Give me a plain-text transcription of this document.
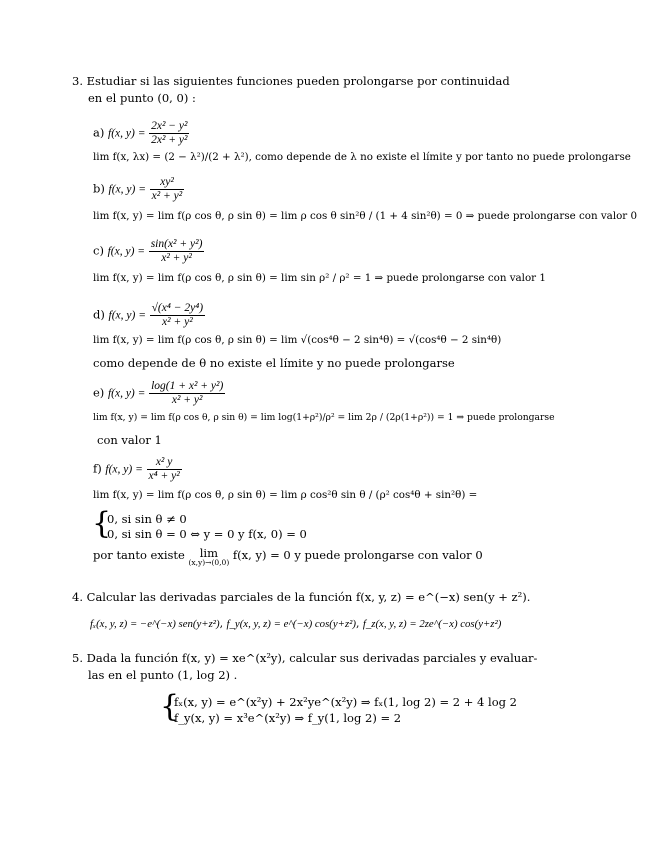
3. Estudiar si las siguientes funciones pueden prolongarse por continuidad
en el punto (0, 0) :
a) f(x, $y) = \frac{\text{2x² − y²}}{\text{2x² + y²}}$
lim f(x, λx) = (2 − λ²)/(2 + λ²), como depende de λ no existe el límite y por tanto no puede prolongarse
b) f(x, $y) = \frac{\text{xy²}}{\text{x² + y²}}$
lim f(x, y) = lim f(ρ cos θ, ρ sin θ) = lim ρ cos θ sin²θ / (1 + 4 sin²θ) = 0 ⇒ puede prolongarse con valor 0
c) f(x, $y) = \frac{\text{sin(x² + y²)}}{\text{x² + y²}}$
lim f(x, y) = lim f(ρ cos θ, ρ sin θ) = lim sin ρ² / ρ² = 1 ⇒ puede prolongarse con valor 1
d) f(x, $y) = \frac{\text{√(x⁴ − 2y⁴)}}{\text{x² + y²}}$
lim f(x, y) = lim f(ρ cos θ, ρ sin θ) = lim √(cos⁴θ − 2 sin⁴θ) = √(cos⁴θ − 2 sin⁴θ)
como depende de θ no existe el límite y no puede prolongarse
e) f(x, $y) = \frac{\text{log(1 + x² + y²)}}{\text{x² + y²}}$
lim f(x, y) = lim f(ρ cos θ, ρ sin θ) = lim log(1+ρ²)/ρ² = lim 2ρ / (2ρ(1+ρ²)) = 1 ⇒ puede prolongarse
con valor 1
f) f(x, $y) = \frac{\text{x² y}}{\text{x⁴ + y²}}$
lim f(x, y) = lim f(ρ cos θ, ρ sin θ) = lim ρ cos²θ sin θ / (ρ² cos⁴θ + sin²θ) =
{
0, si sin θ ≠ 0
0, si sin θ = 0 ⇔ y = 0 y f(x, 0) = 0
por tanto existe lim
(x,y)→(0,0)
f(x, y) = 0 y puede prolongarse con valor 0
4. Calcular las derivadas parciales de la función f(x, y, z) = e^(−x) sen(y + z²).
fₓ(x, y, z) = −e^(−x) sen(y+z²), f_y(x, y, z) = e^(−x) cos(y+z²), f_z(x, y, z) = 2ze^(−x) cos(y+z²)
5. Dada la función f(x, y) = xe^(x²y), calcular sus derivadas parciales y evaluar-
las en el punto (1, log 2) .
{
fₓ(x, y) = e^(x²y) + 2x²ye^(x²y) ⇒ fₓ(1, log 2) = 2 + 4 log 2
f_y(x, y) = x³e^(x²y) ⇒ f_y(1, log 2) = 2
